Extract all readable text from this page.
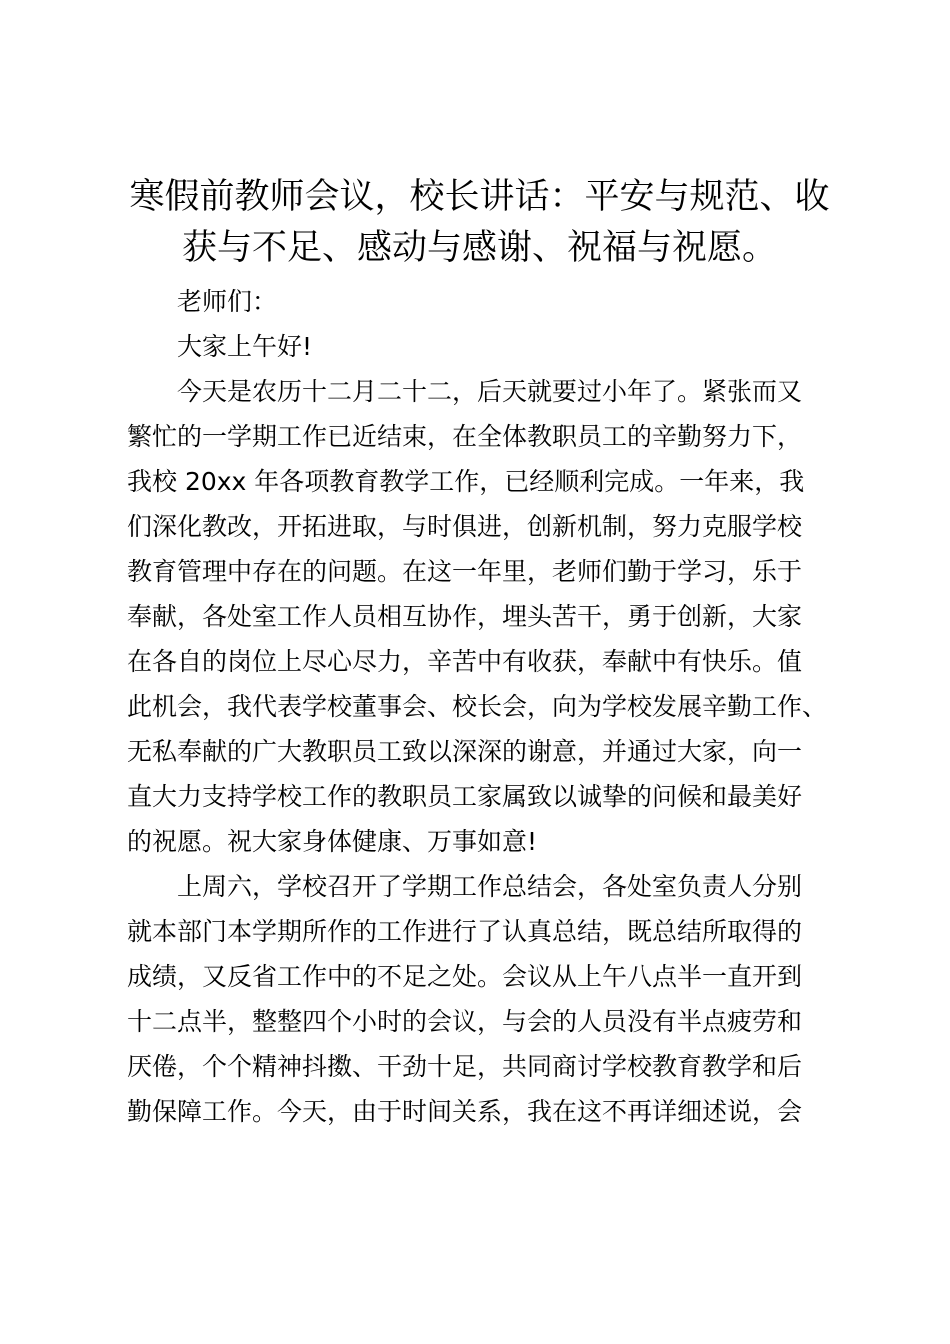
寒假前教师会议，校长讲话：平安与规范、收
获与不足、感动与感谢、祝福与祝愿。

老师们：

大家上午好!

今天是农历十二月二十二，后天就要过小年了。紧张而又
繁忙的一学期工作已近结束，在全体教职员工的辛勤努力下，
我校 20xx 年各项教育教学工作，已经顺利完成。一年来，我
们深化教改，开拓进取，与时俱进，创新机制，努力克服学校
教育管理中存在的问题。在这一年里，老师们勤于学习，乐于
奉献，各处室工作人员相互协作，埋头苦干，勇于创新，大家
在各自的岗位上尽心尽力，辛苦中有收获，奉献中有快乐。值
此机会，我代表学校董事会、校长会，向为学校发展辛勤工作、
无私奉献的广大教职员工致以深深的谢意，并通过大家，向一
直大力支持学校工作的教职员工家属致以诚挚的问候和最美好
的祝愿。祝大家身体健康、万事如意!

上周六，学校召开了学期工作总结会，各处室负责人分别
就本部门本学期所作的工作进行了认真总结，既总结所取得的
成绩，又反省工作中的不足之处。会议从上午八点半一直开到
十二点半，整整四个小时的会议，与会的人员没有半点疲劳和
厌倦，个个精神抖擞、干劲十足，共同商讨学校教育教学和后
勤保障工作。今天，由于时间关系，我在这不再详细述说，会
